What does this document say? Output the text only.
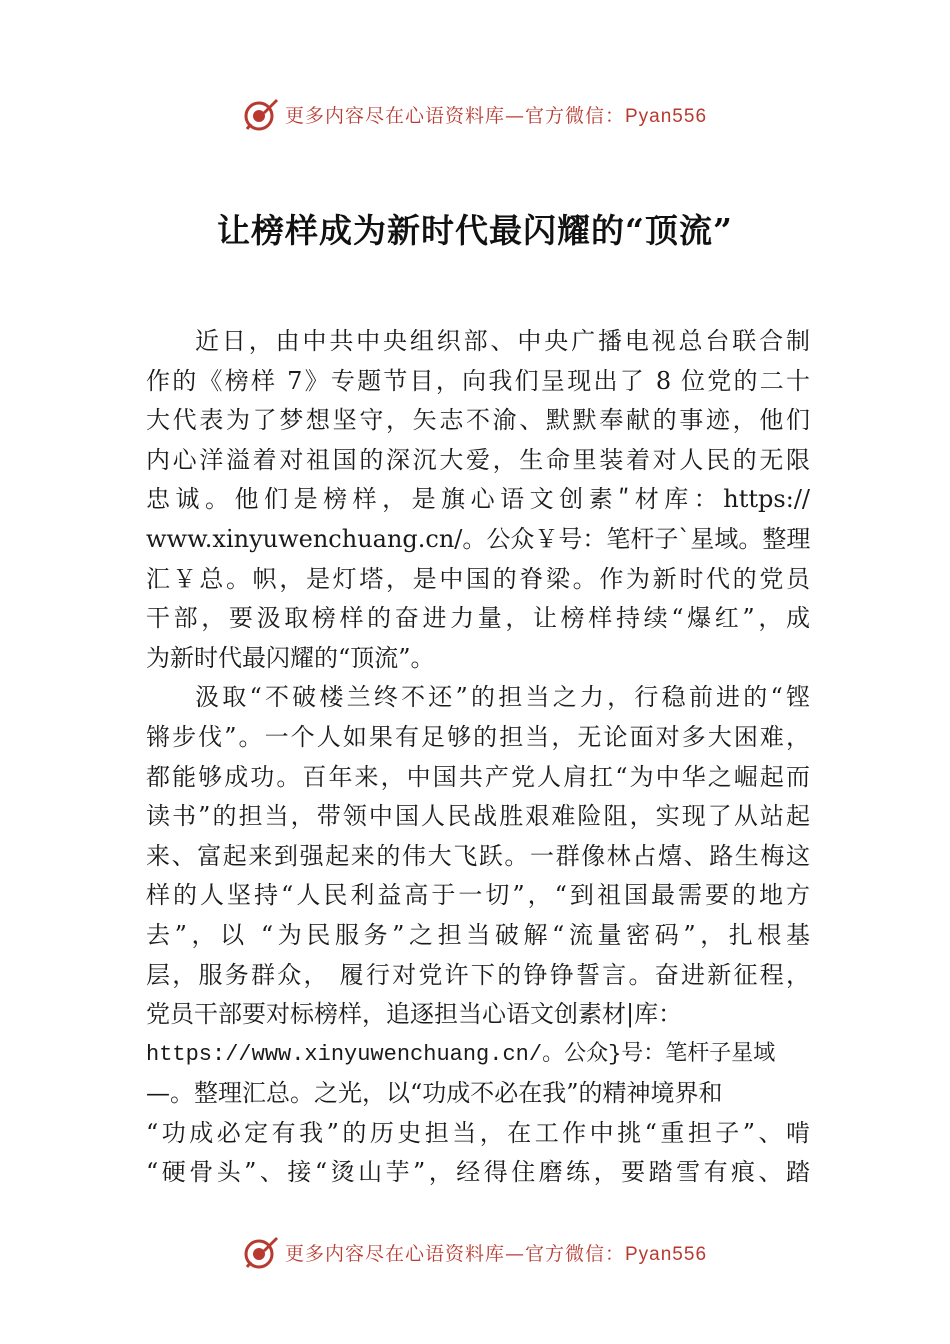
更多内容尽在心语资料库—官方微信：Pyan556
让榜样成为新时代最闪耀的“顶流”
近日，由中共中央组织部、中央广播电视总台联合制
作的《榜样 7》专题节目，向我们呈现出了 8 位党的二十
大代表为了梦想坚守，矢志不渝、默默奉献的事迹，他们
内心洋溢着对祖国的深沉大爱，生命里装着对人民的无限
忠诚。他们是榜样，是旗心语文创素ʺ材库：https://
www.xinyuwenchuang.cn/。公众￥号：笔杆子`星域。整理
汇￥总。帜，是灯塔，是中国的脊梁。作为新时代的党员
干部，要汲取榜样的奋进力量，让榜样持续“爆红”，成
为新时代最闪耀的“顶流”。
汲取“不破楼兰终不还”的担当之力，行稳前进的“铿
锵步伐”。一个人如果有足够的担当，无论面对多大困难，
都能够成功。百年来，中国共产党人肩扛“为中华之崛起而
读书”的担当，带领中国人民战胜艰难险阻，实现了从站起
来、富起来到强起来的伟大飞跃。一群像林占熺、路生梅这
样的人坚持“人民利益高于一切”，“到祖国最需要的地方
去”，以 “为民服务”之担当破解“流量密码”，扎根基
层，服务群众， 履行对党许下的铮铮誓言。奋进新征程，
党员干部要对标榜样，追逐担当心语文创素材|库：
https://www.xinyuwenchuang.cn/。公众}号：笔杆子星域
—。整理汇总。之光，以“功成不必在我”的精神境界和
“功成必定有我”的历史担当，在工作中挑“重担子”、啃
“硬骨头”、接“烫山芋”，经得住磨练，要踏雪有痕、踏
更多内容尽在心语资料库—官方微信：Pyan556
